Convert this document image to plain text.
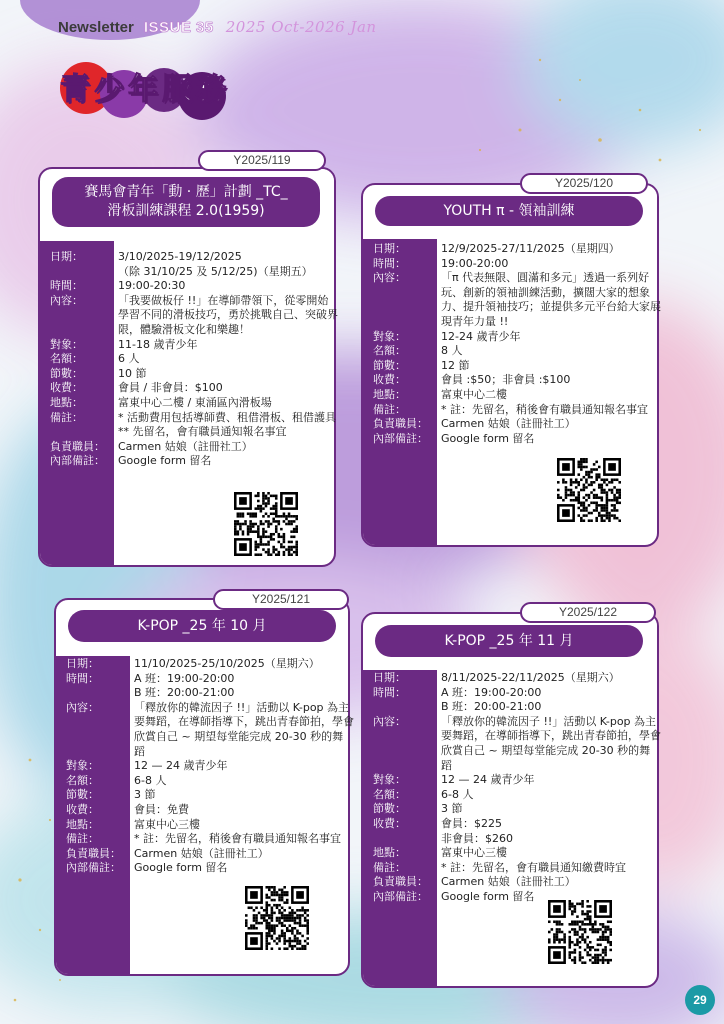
Newsletter ISSUE 35 2025 Oct-2026 Jan
青 少 年 服 務
Y2025/119
賽馬會青年「動 · 歷」計劃 _TC_
滑板訓練課程 2.0(1959)
日期：	3/10/2025-19/12/2025
（除 31/10/25 及 5/12/25)（星期五）
時間：	19:00-20:30
內容：	「我要做板仔 !!」在導師帶領下，從零開始學習不同的滑板技巧，勇於挑戰自己、突破界限，體驗滑板文化和樂趣！
對象：	11-18 歲青少年
名額：	6 人
節數：	10 節
收費：	會員 / 非會員：$100
地點：	富東中心二樓 / 東涌區內滑板場
備註：	* 活動費用包括導師費、租借滑板、租借護具
** 先留名，會有職員通知報名事宜
負責職員：	Carmen 姑娘（註冊社工）
內部備註：	Google form 留名
Y2025/120
YOUTH π - 領袖訓練
日期：	12/9/2025-27/11/2025（星期四）
時間：	19:00-20:00
內容：	「π 代表無限、圓滿和多元」透過一系列好玩、創新的領袖訓練活動，擴闊大家的想象力、提升領袖技巧；並提供多元平台給大家展現青年力量 !!
對象：	12-24 歲青少年
名額：	8 人
節數：	12 節
收費：	會員 :$50；非會員 :$100
地點：	富東中心二樓
備註：	* 註：先留名，稍後會有職員通知報名事宜
負責職員：	Carmen 姑娘（註冊社工）
內部備註：	Google form 留名
Y2025/121
K-POP _25 年 10 月
日期：	11/10/2025-25/10/2025（星期六）
時間：	A 班：19:00-20:00
B 班：20:00-21:00
內容：	「釋放你的韓流因子 !!」活動以 K-pop 為主要舞蹈，在導師指導下，跳出青春節拍，學會欣賞自己 ~ 期望每堂能完成 20-30 秒的舞蹈
對象：	12 — 24 歲青少年
名額：	6-8 人
節數：	3 節
收費：	會員：免費
地點：	富東中心三樓
備註：	* 註：先留名，稍後會有職員通知報名事宜
負責職員：	Carmen 姑娘（註冊社工）
內部備註：	Google form 留名
Y2025/122
K-POP _25 年 11 月
日期：	8/11/2025-22/11/2025（星期六）
時間：	A 班：19:00-20:00
B 班：20:00-21:00
內容：	「釋放你的韓流因子 !!」活動以 K-pop 為主要舞蹈，在導師指導下，跳出青春節拍，學會欣賞自己 ~ 期望每堂能完成 20-30 秒的舞蹈
對象：	12 — 24 歲青少年
名額：	6-8 人
節數：	3 節
收費：	會員：$225
非會員：$260
地點：	富東中心三樓
備註：	* 註：先留名，會有職員通知繳費時宜
負責職員：	Carmen 姑娘（註冊社工）
內部備註：	Google form 留名
29
